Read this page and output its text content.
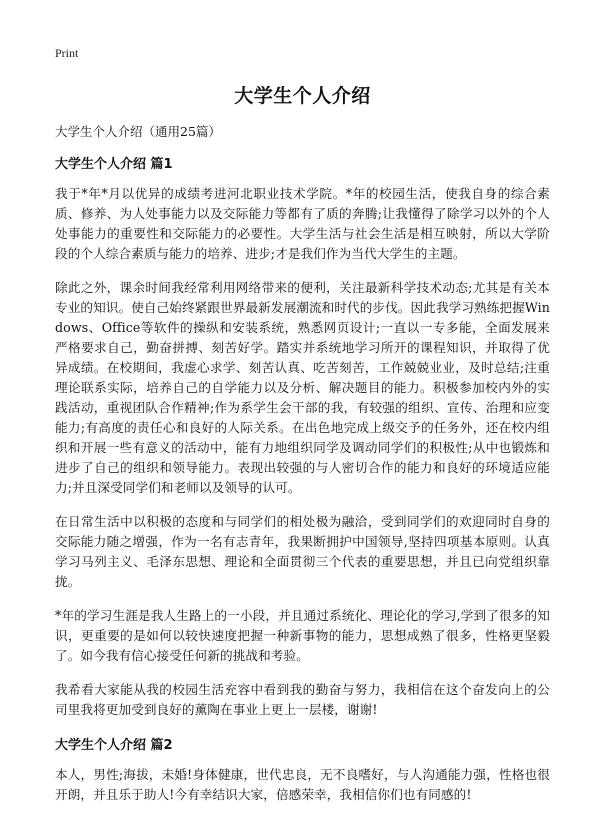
Print
大学生个人介绍
大学生个人介绍（通用25篇）
大学生个人介绍 篇1

我于*年*月以优异的成绩考进河北职业技术学院。*年的校园生活，使我自身的综合素质、修养、为人处事能力以及交际能力等都有了质的奔腾;让我懂得了除学习以外的个人处事能力的重要性和交际能力的必要性。大学生活与社会生活是相互映射，所以大学阶段的个人综合素质与能力的培养、进步;才是我们作为当代大学生的主题。

除此之外，课余时间我经常利用网络带来的便利，关注最新科学技术动态;尤其是有关本专业的知识。使自己始终紧跟世界最新发展潮流和时代的步伐。因此我学习熟练把握Windows、Office等软件的操纵和安装系统，熟悉网页设计;一直以一专多能，全面发展来严格要求自己，勤奋拼搏、刻苦好学。踏实并系统地学习所开的课程知识，并取得了优异成绩。在校期间，我虚心求学、刻苦认真、吃苦刻苦，工作兢兢业业，及时总结;注重理论联系实际，培养自己的自学能力以及分析、解决题目的能力。积极参加校内外的实践活动，重视团队合作精神;作为系学生会干部的我，有较强的组织、宣传、治理和应变能力;有高度的责任心和良好的人际关系。在出色地完成上级交予的任务外，还在校内组织和开展一些有意义的活动中，能有力地组织同学及调动同学们的积极性;从中也锻炼和进步了自己的组织和领导能力。表现出较强的与人密切合作的能力和良好的环境适应能力;并且深受同学们和老师以及领导的认可。

在日常生活中以积极的态度和与同学们的相处极为融洽，受到同学们的欢迎同时自身的交际能力随之增强，作为一名有志青年，我果断拥护中国领导,坚持四项基本原则。认真学习马列主义、毛泽东思想、理论和全面贯彻三个代表的重要思想，并且已向党组织靠拢。

*年的学习生涯是我人生路上的一小段，并且通过系统化、理论化的学习,学到了很多的知识，更重要的是如何以较快速度把握一种新事物的能力，思想成熟了很多，性格更坚毅了。如今我有信心接受任何新的挑战和考验。

我希看大家能从我的校园生活充容中看到我的勤奋与努力，我相信在这个奋发向上的公司里我将更加受到良好的薰陶在事业上更上一层楼，谢谢!

大学生个人介绍 篇2

本人，男性;海拔，未婚!身体健康，世代忠良，无不良嗜好，与人沟通能力强，性格也很开朗，并且乐于助人!今有幸结识大家，倍感荣幸，我相信你们也有同感的!
